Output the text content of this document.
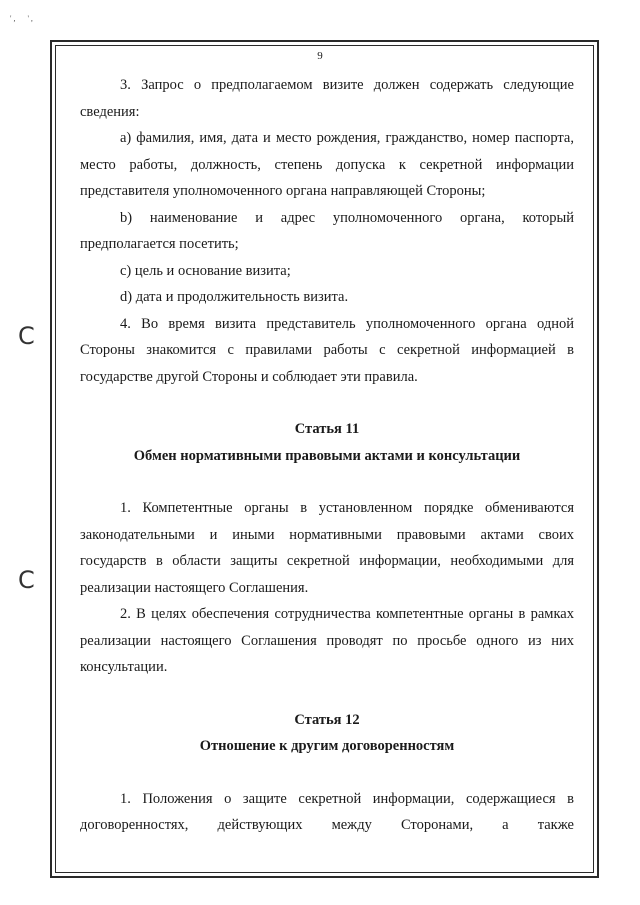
' ,      ' ,
C
C
9

3. Запрос о предполагаемом визите должен содержать следующие сведения:

а) фамилия, имя, дата и место рождения, гражданство, номер паспорта, место работы, должность, степень допуска к секретной информации представителя уполномоченного органа направляющей Стороны;

b) наименование и адрес уполномоченного органа, который предполагается посетить;

c) цель и основание визита;

d) дата и продолжительность визита.

4. Во время визита представитель уполномоченного органа одной Стороны знакомится с правилами работы с секретной информацией в государстве другой Стороны и соблюдает эти правила.

Статья 11

Обмен нормативными правовыми актами и консультации

1. Компетентные органы в установленном порядке обмениваются законодательными и иными нормативными правовыми актами своих государств в области защиты секретной информации, необходимыми для реализации настоящего Соглашения.

2. В целях обеспечения сотрудничества компетентные органы в рамках реализации настоящего Соглашения проводят по просьбе одного из них консультации.

Статья 12

Отношение к другим договоренностям

1. Положения о защите секретной информации, содержащиеся в договоренностях, действующих между Сторонами, а также
